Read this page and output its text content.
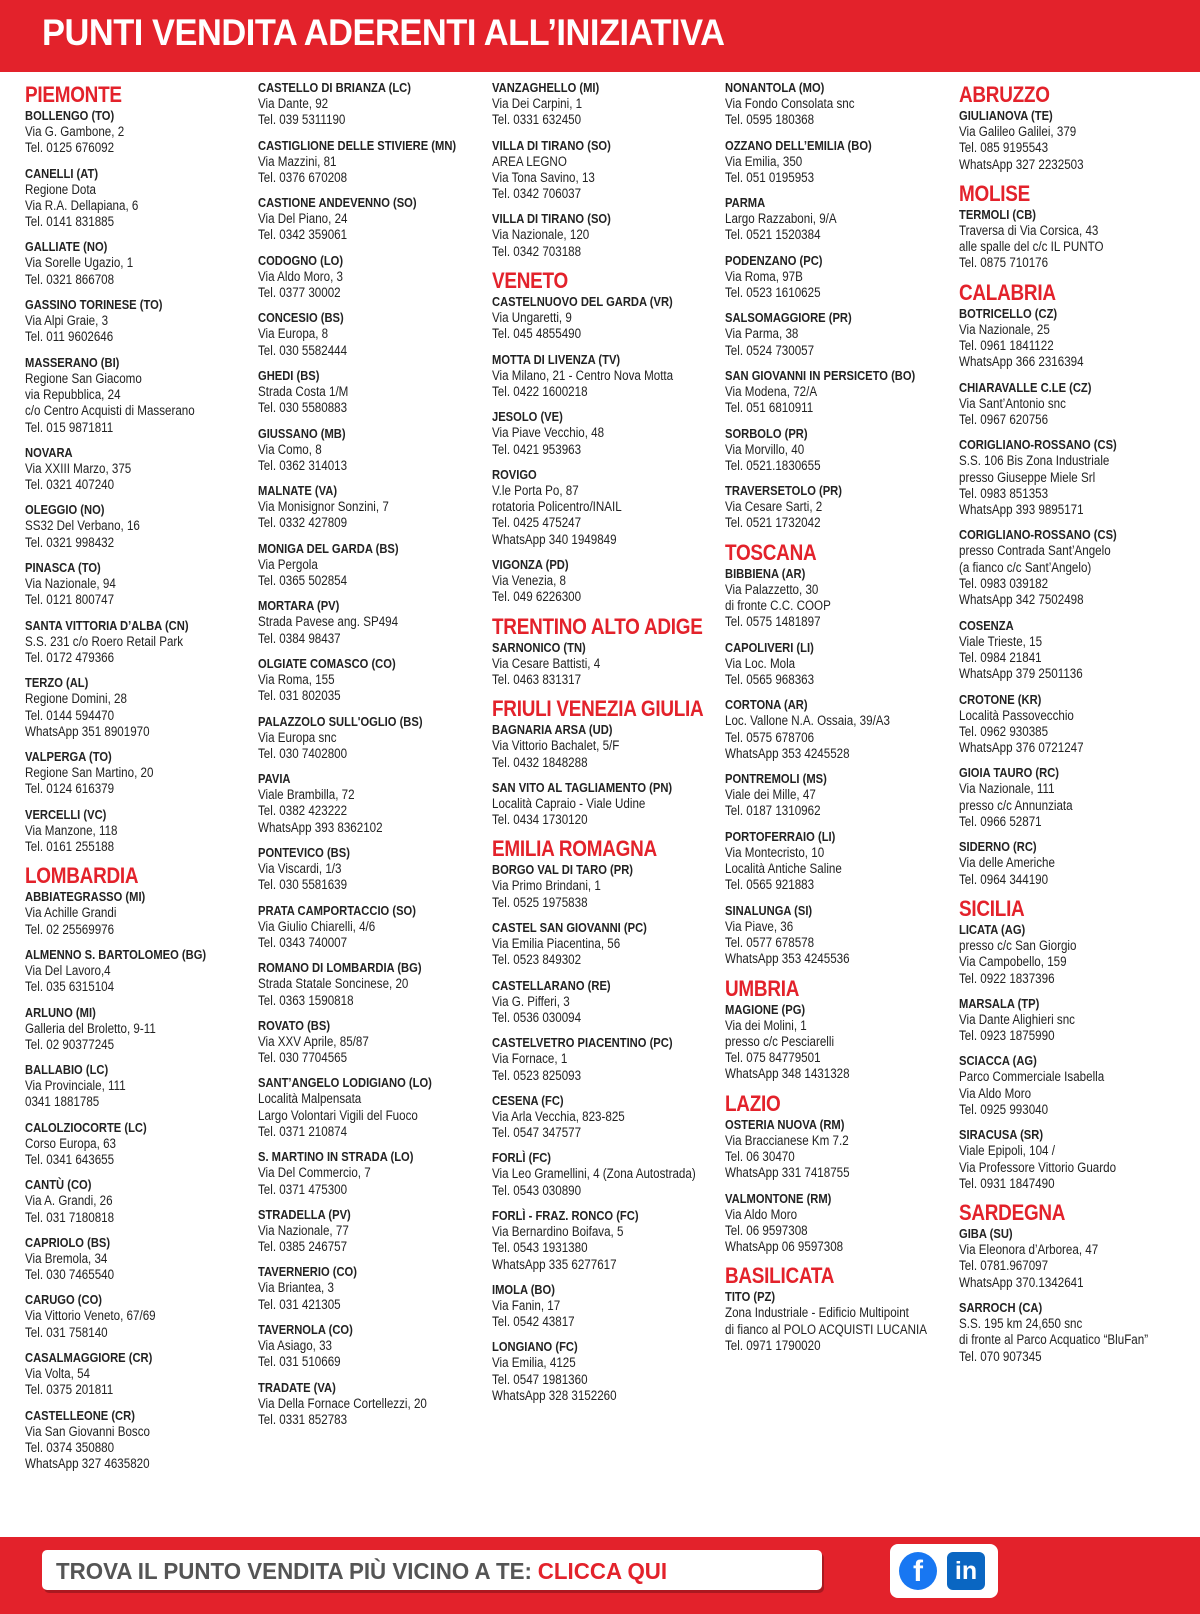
PUNTI VENDITA ADERENTI ALL’INIZIATIVA
PIEMONTE
BOLLENGO (TO)
Via G. Gambone, 2
Tel. 0125 676092
CANELLI (AT)
Regione Dota
Via R.A. Dellapiana, 6
Tel. 0141 831885
GALLIATE (NO)
Via Sorelle Ugazio, 1
Tel. 0321 866708
GASSINO TORINESE (TO)
Via Alpi Graie, 3
Tel. 011 9602646
MASSERANO (BI)
Regione San Giacomo
via Repubblica, 24
c/o Centro Acquisti di Masserano
Tel. 015 9871811
NOVARA
Via XXIII Marzo, 375
Tel. 0321 407240
OLEGGIO (NO)
SS32 Del Verbano, 16
Tel. 0321 998432
PINASCA (TO)
Via Nazionale, 94
Tel. 0121 800747
SANTA VITTORIA D’ALBA (CN)
S.S. 231 c/o Roero Retail Park
Tel. 0172 479366
TERZO (AL)
Regione Domini, 28
Tel. 0144 594470
WhatsApp 351 8901970
VALPERGA (TO)
Regione San Martino, 20
Tel. 0124 616379
VERCELLI (VC)
Via Manzone, 118
Tel. 0161 255188
LOMBARDIA
ABBIATEGRASSO (MI)
Via Achille Grandi
Tel. 02 25569976
ALMENNO S. BARTOLOMEO (BG)
Via Del Lavoro,4
Tel. 035 6315104
ARLUNO (MI)
Galleria del Broletto, 9-11
Tel. 02 90377245
BALLABIO (LC)
Via Provinciale, 111
0341 1881785
CALOLZIOCORTE (LC)
Corso Europa, 63
Tel. 0341 643655
CANTÙ (CO)
Via A. Grandi, 26
Tel. 031 7180818
CAPRIOLO (BS)
Via Bremola, 34
Tel. 030 7465540
CARUGO (CO)
Via Vittorio Veneto, 67/69
Tel. 031 758140
CASALMAGGIORE (CR)
Via Volta, 54
Tel. 0375 201811
CASTELLEONE (CR)
Via San Giovanni Bosco
Tel. 0374 350880
WhatsApp 327 4635820
CASTELLO DI BRIANZA (LC)
Via Dante, 92
Tel. 039 5311190
CASTIGLIONE DELLE STIVIERE (MN)
Via Mazzini, 81
Tel. 0376 670208
CASTIONE ANDEVENNO (SO)
Via Del Piano, 24
Tel. 0342 359061
CODOGNO (LO)
Via Aldo Moro, 3
Tel. 0377 30002
CONCESIO (BS)
Via Europa, 8
Tel. 030 5582444
GHEDI (BS)
Strada Costa 1/M
Tel. 030 5580883
GIUSSANO (MB)
Via Como, 8
Tel. 0362 314013
MALNATE (VA)
Via Monisignor Sonzini, 7
Tel. 0332 427809
MONIGA DEL GARDA (BS)
Via Pergola
Tel. 0365 502854
MORTARA (PV)
Strada Pavese ang. SP494
Tel. 0384 98437
OLGIATE COMASCO (CO)
Via Roma, 155
Tel. 031 802035
PALAZZOLO SULL'OGLIO (BS)
Via Europa snc
Tel. 030 7402800
PAVIA
Viale Brambilla, 72
Tel. 0382 423222
WhatsApp 393 8362102
PONTEVICO (BS)
Via Viscardi, 1/3
Tel. 030 5581639
PRATA CAMPORTACCIO (SO)
Via Giulio Chiarelli, 4/6
Tel. 0343 740007
ROMANO DI LOMBARDIA (BG)
Strada Statale Soncinese, 20
Tel. 0363 1590818
ROVATO (BS)
Via XXV Aprile, 85/87
Tel. 030 7704565
SANT’ANGELO LODIGIANO (LO)
Località Malpensata
Largo Volontari Vigili del Fuoco
Tel. 0371 210874
S. MARTINO IN STRADA (LO)
Via Del Commercio, 7
Tel. 0371 475300
STRADELLA (PV)
Via Nazionale, 77
Tel. 0385 246757
TAVERNERIO (CO)
Via Briantea, 3
Tel. 031 421305
TAVERNOLA (CO)
Via Asiago, 33
Tel. 031 510669
TRADATE (VA)
Via Della Fornace Cortellezzi, 20
Tel. 0331 852783
VANZAGHELLO (MI)
Via Dei Carpini, 1
Tel. 0331 632450
VILLA DI TIRANO (SO)
AREA LEGNO
Via Tona Savino, 13
Tel. 0342 706037
VILLA DI TIRANO (SO)
Via Nazionale, 120
Tel. 0342 703188
VENETO
CASTELNUOVO DEL GARDA (VR)
Via Ungaretti, 9
Tel. 045 4855490
MOTTA DI LIVENZA (TV)
Via Milano, 21 - Centro Nova Motta
Tel. 0422 1600218
JESOLO (VE)
Via Piave Vecchio, 48
Tel. 0421 953963
ROVIGO
V.le Porta Po, 87
rotatoria Policentro/INAIL
Tel. 0425 475247
WhatsApp 340 1949849
VIGONZA (PD)
Via Venezia, 8
Tel. 049 6226300
TRENTINO ALTO ADIGE
SARNONICO (TN)
Via Cesare Battisti, 4
Tel. 0463 831317
FRIULI VENEZIA GIULIA
BAGNARIA ARSA (UD)
Via Vittorio Bachalet, 5/F
Tel. 0432 1848288
SAN VITO AL TAGLIAMENTO (PN)
Località Capraio - Viale Udine
Tel. 0434 1730120
EMILIA ROMAGNA
BORGO VAL DI TARO (PR)
Via Primo Brindani, 1
Tel. 0525 1975838
CASTEL SAN GIOVANNI (PC)
Via Emilia Piacentina, 56
Tel. 0523 849302
CASTELLARANO (RE)
Via G. Pifferi, 3
Tel. 0536 030094
CASTELVETRO PIACENTINO (PC)
Via Fornace, 1
Tel. 0523 825093
CESENA (FC)
Via Arla Vecchia, 823-825
Tel. 0547 347577
FORLÌ (FC)
Via Leo Gramellini, 4 (Zona Autostrada)
Tel. 0543 030890
FORLÌ - FRAZ. RONCO (FC)
Via Bernardino Boifava, 5
Tel. 0543 1931380
WhatsApp 335 6277617
IMOLA (BO)
Via Fanin, 17
Tel. 0542 43817
LONGIANO (FC)
Via Emilia, 4125
Tel. 0547 1981360
WhatsApp 328 3152260
NONANTOLA (MO)
Via Fondo Consolata snc
Tel. 0595 180368
OZZANO DELL’EMILIA (BO)
Via Emilia, 350
Tel. 051 0195953
PARMA
Largo Razzaboni, 9/A
Tel. 0521 1520384
PODENZANO (PC)
Via Roma, 97B
Tel. 0523 1610625
SALSOMAGGIORE (PR)
Via Parma, 38
Tel. 0524 730057
SAN GIOVANNI IN PERSICETO (BO)
Via Modena, 72/A
Tel. 051 6810911
SORBOLO (PR)
Via Morvillo, 40
Tel. 0521.1830655
TRAVERSETOLO (PR)
Via Cesare Sarti, 2
Tel. 0521 1732042
TOSCANA
BIBBIENA (AR)
Via Palazzetto, 30
di fronte C.C. COOP
Tel. 0575 1481897
CAPOLIVERI (LI)
Via Loc. Mola
Tel. 0565 968363
CORTONA (AR)
Loc. Vallone N.A. Ossaia, 39/A3
Tel. 0575 678706
WhatsApp 353 4245528
PONTREMOLI (MS)
Viale dei Mille, 47
Tel. 0187 1310962
PORTOFERRAIO (LI)
Via Montecristo, 10
Località Antiche Saline
Tel. 0565 921883
SINALUNGA (SI)
Via Piave, 36
Tel. 0577 678578
WhatsApp 353 4245536
UMBRIA
MAGIONE (PG)
Via dei Molini, 1
presso c/c Pesciarelli
Tel. 075 84779501
WhatsApp 348 1431328
LAZIO
OSTERIA NUOVA (RM)
Via Braccianese Km 7.2
Tel. 06 30470
WhatsApp 331 7418755
VALMONTONE (RM)
Via Aldo Moro
Tel. 06 9597308
WhatsApp 06 9597308
BASILICATA
TITO (PZ)
Zona Industriale - Edificio Multipoint
di fianco al POLO ACQUISTI LUCANIA
Tel. 0971 1790020
ABRUZZO
GIULIANOVA (TE)
Via Galileo Galilei, 379
Tel. 085 9195543
WhatsApp 327 2232503
MOLISE
TERMOLI (CB)
Traversa di Via Corsica, 43
alle spalle del c/c IL PUNTO
Tel. 0875 710176
CALABRIA
BOTRICELLO (CZ)
Via Nazionale, 25
Tel. 0961 1841122
WhatsApp 366 2316394
CHIARAVALLE C.LE (CZ)
Via Sant’Antonio snc
Tel. 0967 620756
CORIGLIANO-ROSSANO (CS)
S.S. 106 Bis Zona Industriale
presso Giuseppe Miele Srl
Tel. 0983 851353
WhatsApp 393 9895171
CORIGLIANO-ROSSANO (CS)
presso Contrada Sant’Angelo
(a fianco c/c Sant’Angelo)
Tel. 0983 039182
WhatsApp 342 7502498
COSENZA
Viale Trieste, 15
Tel. 0984 21841
WhatsApp 379 2501136
CROTONE (KR)
Località Passovecchio
Tel. 0962 930385
WhatsApp 376 0721247
GIOIA TAURO (RC)
Via Nazionale, 111
presso c/c Annunziata
Tel. 0966 52871
SIDERNO (RC)
Via delle Americhe
Tel. 0964 344190
SICILIA
LICATA (AG)
presso c/c San Giorgio
Via Campobello, 159
Tel. 0922 1837396
MARSALA (TP)
Via Dante Alighieri snc
Tel. 0923 1875990
SCIACCA (AG)
Parco Commerciale Isabella
Via Aldo Moro
Tel. 0925 993040
SIRACUSA (SR)
Viale Epipoli, 104 /
Via Professore Vittorio Guardo
Tel. 0931 1847490
SARDEGNA
GIBA (SU)
Via Eleonora d’Arborea, 47
Tel. 0781.967097
WhatsApp 370.1342641
SARROCH (CA)
S.S. 195 km 24,650 snc
di fronte al Parco Acquatico “BluFan”
Tel. 070 907345
TROVA IL PUNTO VENDITA PIÙ VICINO A TE: CLICCA QUI	f	in
